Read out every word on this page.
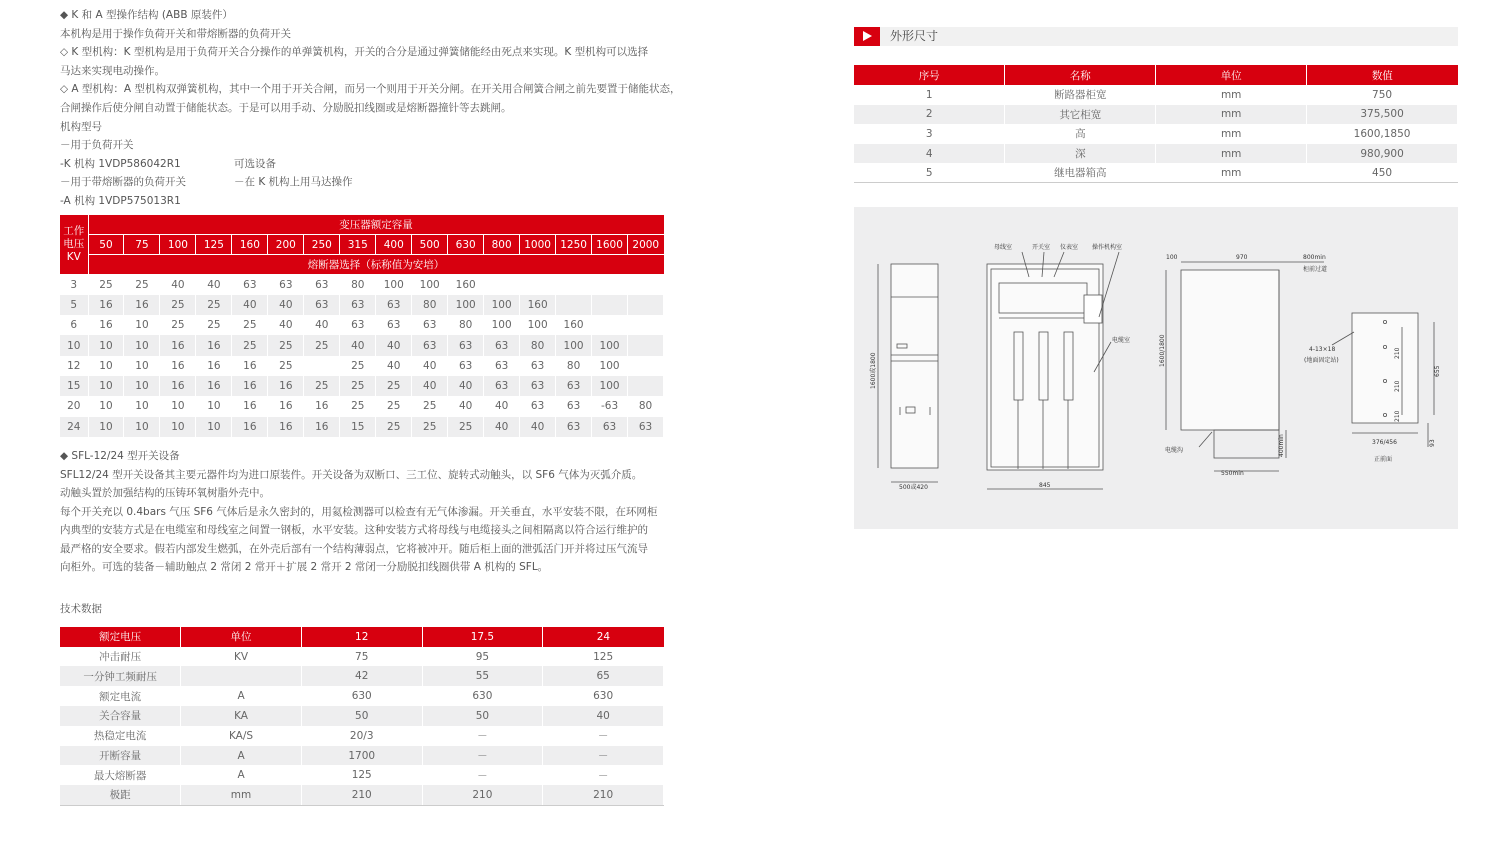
◆ K 和 A 型操作结构 (ABB 原装件）
本机构是用于操作负荷开关和带熔断器的负荷开关
◇ K 型机构：K 型机构是用于负荷开关合分操作的单弹簧机构，开关的合分是通过弹簧储能经由死点来实现。K 型机构可以选择
马达来实现电动操作。
◇ A 型机构：A 型机构双弹簧机构，其中一个用于开关合闸，而另一个则用于开关分闸。在开关用合闸簧合闸之前先要置于储能状态，
合闸操作后使分闸自动置于储能状态。于是可以用手动、分励脱扣线圈或是熔断器撞针等去跳闸。
机构型号
－用于负荷开关
-K 机构 1VDP586042R1	可选设备
－用于带熔断器的负荷开关	－在 K 机构上用马达操作
-A 机构 1VDP575013R1
工作
电压
KV	变压器额定容量															
	50	75	100	125	160	200	250	315	400	500	630	800	1000	1250	1600	2000
	熔断器选择（标称值为安培）															
3	25	25	40	40	63	63	63	80	100	100	160					
5	16	16	25	25	40	40	63	63	63	80	100	100	160			
6	16	10	25	25	25	40	40	63	63	63	80	100	100	160		
10	10	10	16	16	25	25	25	40	40	63	63	63	80	100	100	
12	10	10	16	16	16	25		25	40	40	63	63	63	80	100	
15	10	10	16	16	16	16	25	25	25	40	40	63	63	63	100	
20	10	10	10	10	16	16	16	25	25	25	40	40	63	63	-63	80
24	10	10	10	10	16	16	16	15	25	25	25	40	40	63	63	63
◆ SFL-12/24 型开关设备
SFL12/24 型开关设备其主要元器件均为进口原装件。开关设备为双断口、三工位、旋转式动触头，以 SF6 气体为灭弧介质。
动触头置於加强结构的压铸环氧树脂外壳中。
每个开关充以 0.4bars 气压 SF6 气体后是永久密封的，用氦检测器可以检查有无气体渗漏。开关垂直，水平安装不限，在环网柜
内典型的安装方式是在电缆室和母线室之间置一钢板，水平安装。这种安装方式将母线与电缆接头之间相隔离以符合运行维护的
最严格的安全要求。假若内部发生燃弧，在外壳后部有一个结构薄弱点，它将被冲开。随后柜上面的泄弧活门开并将过压气流导
向柜外。可选的装备－辅助触点 2 常闭 2 常开＋扩展 2 常开 2 常闭一分励脱扣线圈供带 A 机构的 SFL。
技术数据
额定电压	单位	12	17.5	24
冲击耐压	KV	75	95	125
一分钟工频耐压		42	55	65
额定电流	A	630	630	630
关合容量	KA	50	50	40
热稳定电流	KA/S	20/3	－	－
开断容量	A	1700	－	－
最大熔断器	A	125	－	－
极距	mm	210	210	210
外形尺寸
序号	名称	单位	数值
1	断路器柜宽	mm	750
2	其它柜宽	mm	375,500
3	高	mm	1600,1850
4	深	mm	980,900
5	继电器箱高	mm	450
母线室	开关室 仪表室 操作机构室
电缆室
1600或1800
500或420	845
100	970	800min
柜前过道
1600/1800
电缆沟	400min
550min
4-13×18
(地面固定站)
210
210
210
655
376/456	93
正前面
